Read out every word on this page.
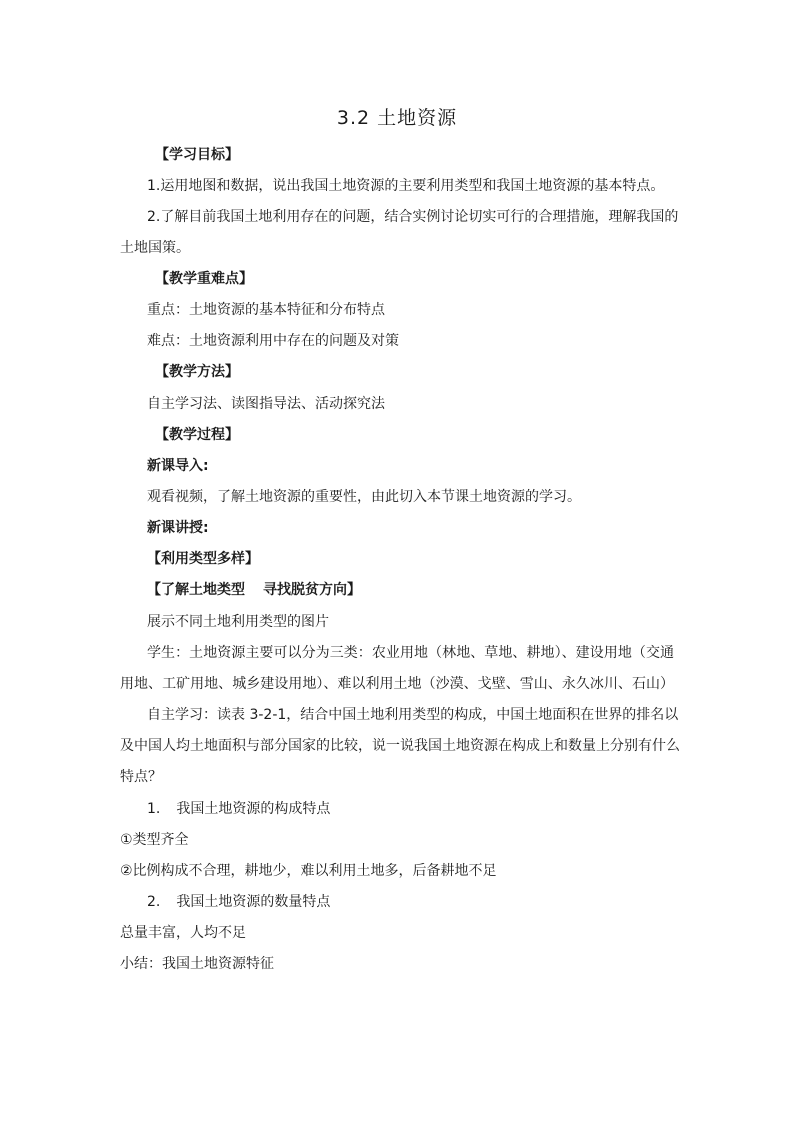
3.2 土地资源
【学习目标】
1.运用地图和数据，说出我国土地资源的主要利用类型和我国土地资源的基本特点。
2.了解目前我国土地利用存在的问题，结合实例讨论切实可行的合理措施，理解我国的
土地国策。
【教学重难点】
重点：土地资源的基本特征和分布特点
难点：土地资源利用中存在的问题及对策
【教学方法】
自主学习法、读图指导法、活动探究法
【教学过程】
新课导入:
观看视频，了解土地资源的重要性，由此切入本节课土地资源的学习。
新课讲授:
【利用类型多样】
【了解土地类型 寻找脱贫方向】
展示不同土地利用类型的图片
学生：土地资源主要可以分为三类：农业用地（林地、草地、耕地）、建设用地（交通
用地、工矿用地、城乡建设用地）、难以利用土地（沙漠、戈壁、雪山、永久冰川、石山）
自主学习：读表 3-2-1，结合中国土地利用类型的构成，中国土地面积在世界的排名以
及中国人均土地面积与部分国家的比较，说一说我国土地资源在构成上和数量上分别有什么
特点？
1. 我国土地资源的构成特点
①类型齐全
②比例构成不合理，耕地少，难以利用土地多，后备耕地不足
2. 我国土地资源的数量特点
总量丰富，人均不足
小结：我国土地资源特征
